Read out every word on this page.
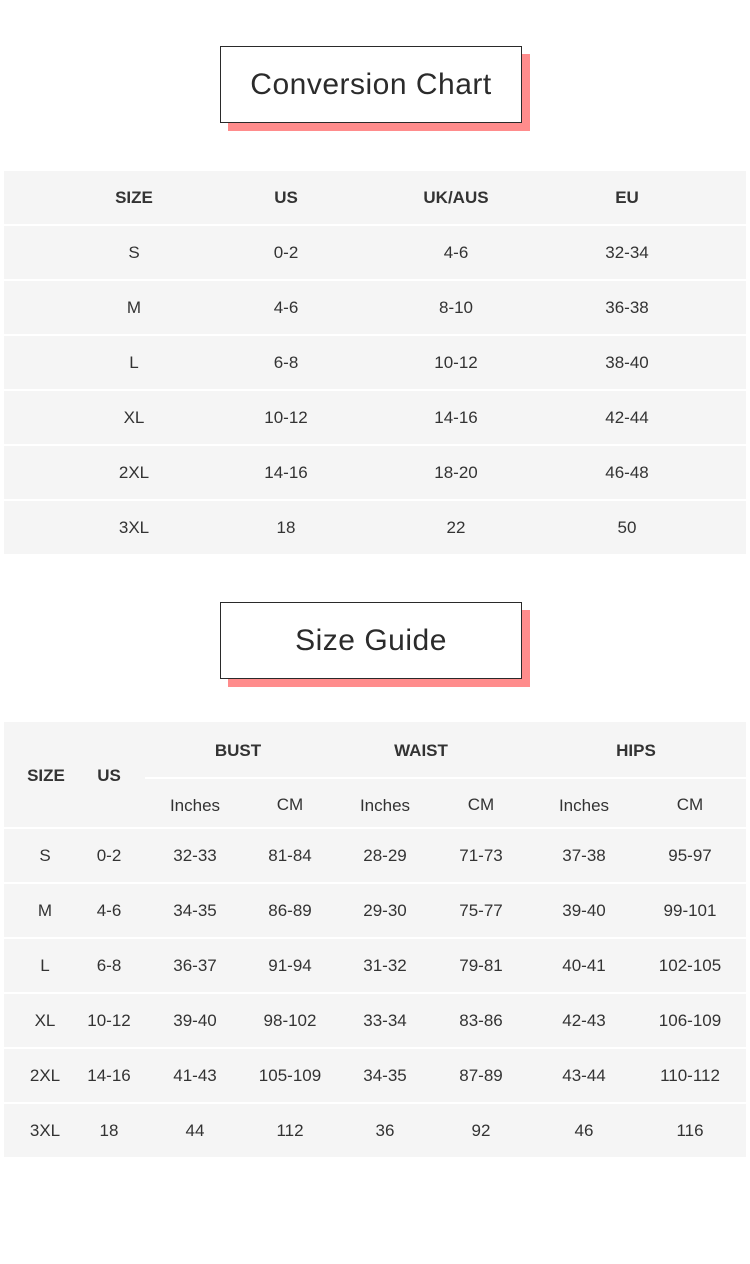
Conversion Chart
SIZE	US	UK/AUS	EU
S	0-2	4-6	32-34
M	4-6	8-10	36-38
L	6-8	10-12	38-40
XL	10-12	14-16	42-44
2XL	14-16	18-20	46-48
3XL	18	22	50
Size Guide
SIZE	US
BUST	WAIST	HIPS
Inches	CM	Inches	CM	Inches	CM
S	0-2	32-33	81-84	28-29	71-73	37-38	95-97
M	4-6	34-35	86-89	29-30	75-77	39-40	99-101
L	6-8	36-37	91-94	31-32	79-81	40-41	102-105
XL	10-12	39-40	98-102	33-34	83-86	42-43	106-109
2XL	14-16	41-43	105-109	34-35	87-89	43-44	110-112
3XL	18	44	112	36	92	46	116
